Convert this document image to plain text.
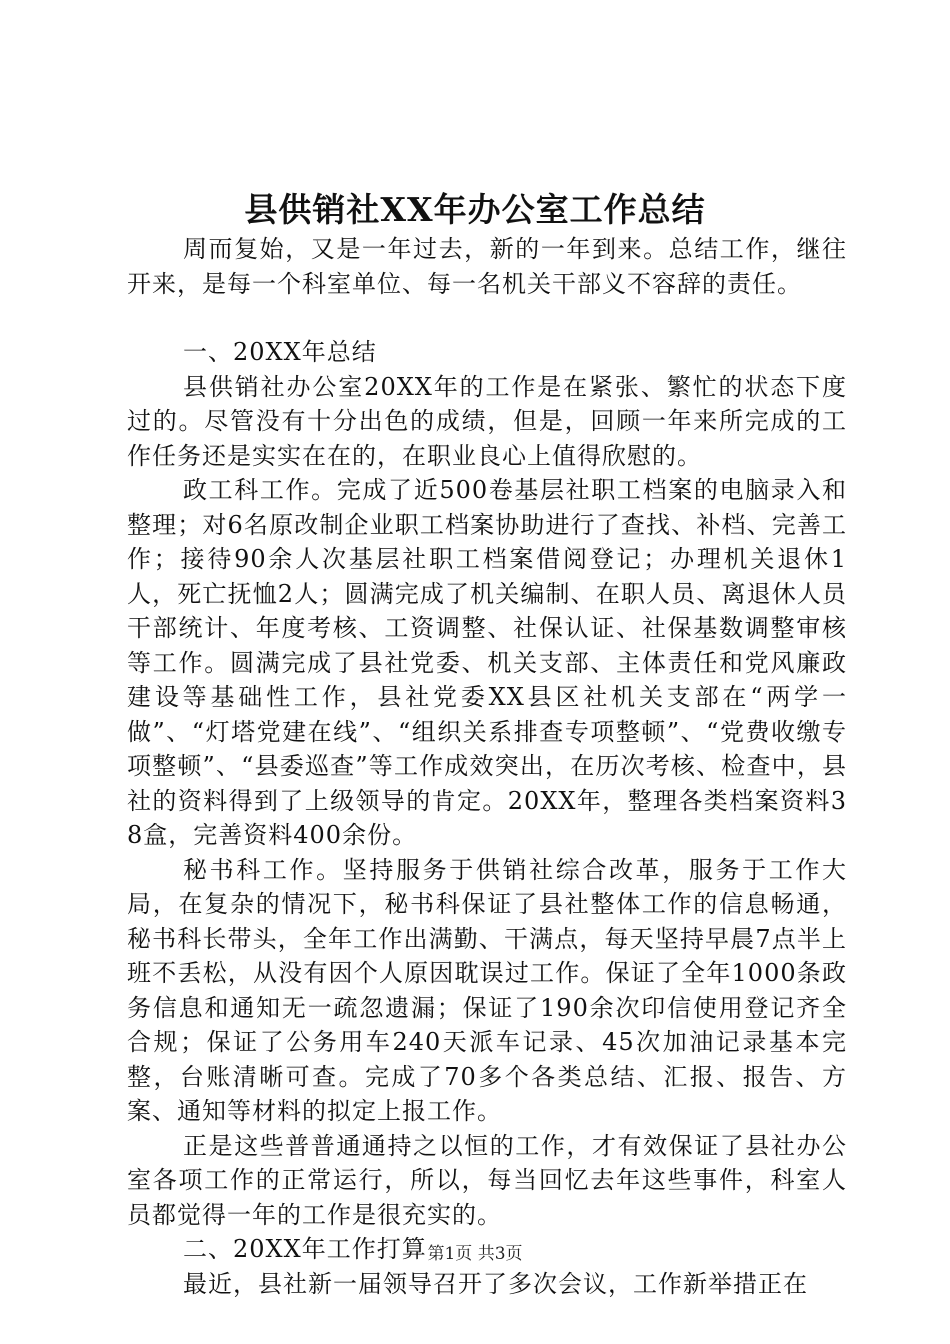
县供销社XX年办公室工作总结

周而复始，又是一年过去，新的一年到来。总结工作，继往开来，是每一个科室单位、每一名机关干部义不容辞的责任。

一、20XX年总结

县供销社办公室20XX年的工作是在紧张、繁忙的状态下度过的。尽管没有十分出色的成绩，但是，回顾一年来所完成的工作任务还是实实在在的，在职业良心上值得欣慰的。

政工科工作。完成了近500卷基层社职工档案的电脑录入和整理；对6名原改制企业职工档案协助进行了查找、补档、完善工作；接待90余人次基层社职工档案借阅登记；办理机关退休1人，死亡抚恤2人；圆满完成了机关编制、在职人员、离退休人员干部统计、年度考核、工资调整、社保认证、社保基数调整审核等工作。圆满完成了县社党委、机关支部、主体责任和党风廉政建设等基础性工作，县社党委XX县区社机关支部在“两学一做”、“灯塔党建在线”、“组织关系排查专项整顿”、“党费收缴专项整顿”、“县委巡查”等工作成效突出，在历次考核、检查中，县社的资料得到了上级领导的肯定。20XX年，整理各类档案资料38盒，完善资料400余份。

秘书科工作。坚持服务于供销社综合改革，服务于工作大局，在复杂的情况下，秘书科保证了县社整体工作的信息畅通，秘书科长带头，全年工作出满勤、干满点，每天坚持早晨7点半上班不丢松，从没有因个人原因耽误过工作。保证了全年1000条政务信息和通知无一疏忽遗漏；保证了190余次印信使用登记齐全合规；保证了公务用车240天派车记录、45次加油记录基本完整，台账清晰可查。完成了70多个各类总结、汇报、报告、方案、通知等材料的拟定上报工作。

正是这些普普通通持之以恒的工作，才有效保证了县社办公室各项工作的正常运行，所以，每当回忆去年这些事件，科室人员都觉得一年的工作是很充实的。

二、20XX年工作打算

最近，县社新一届领导召开了多次会议，工作新举措正在

第1页 共3页
